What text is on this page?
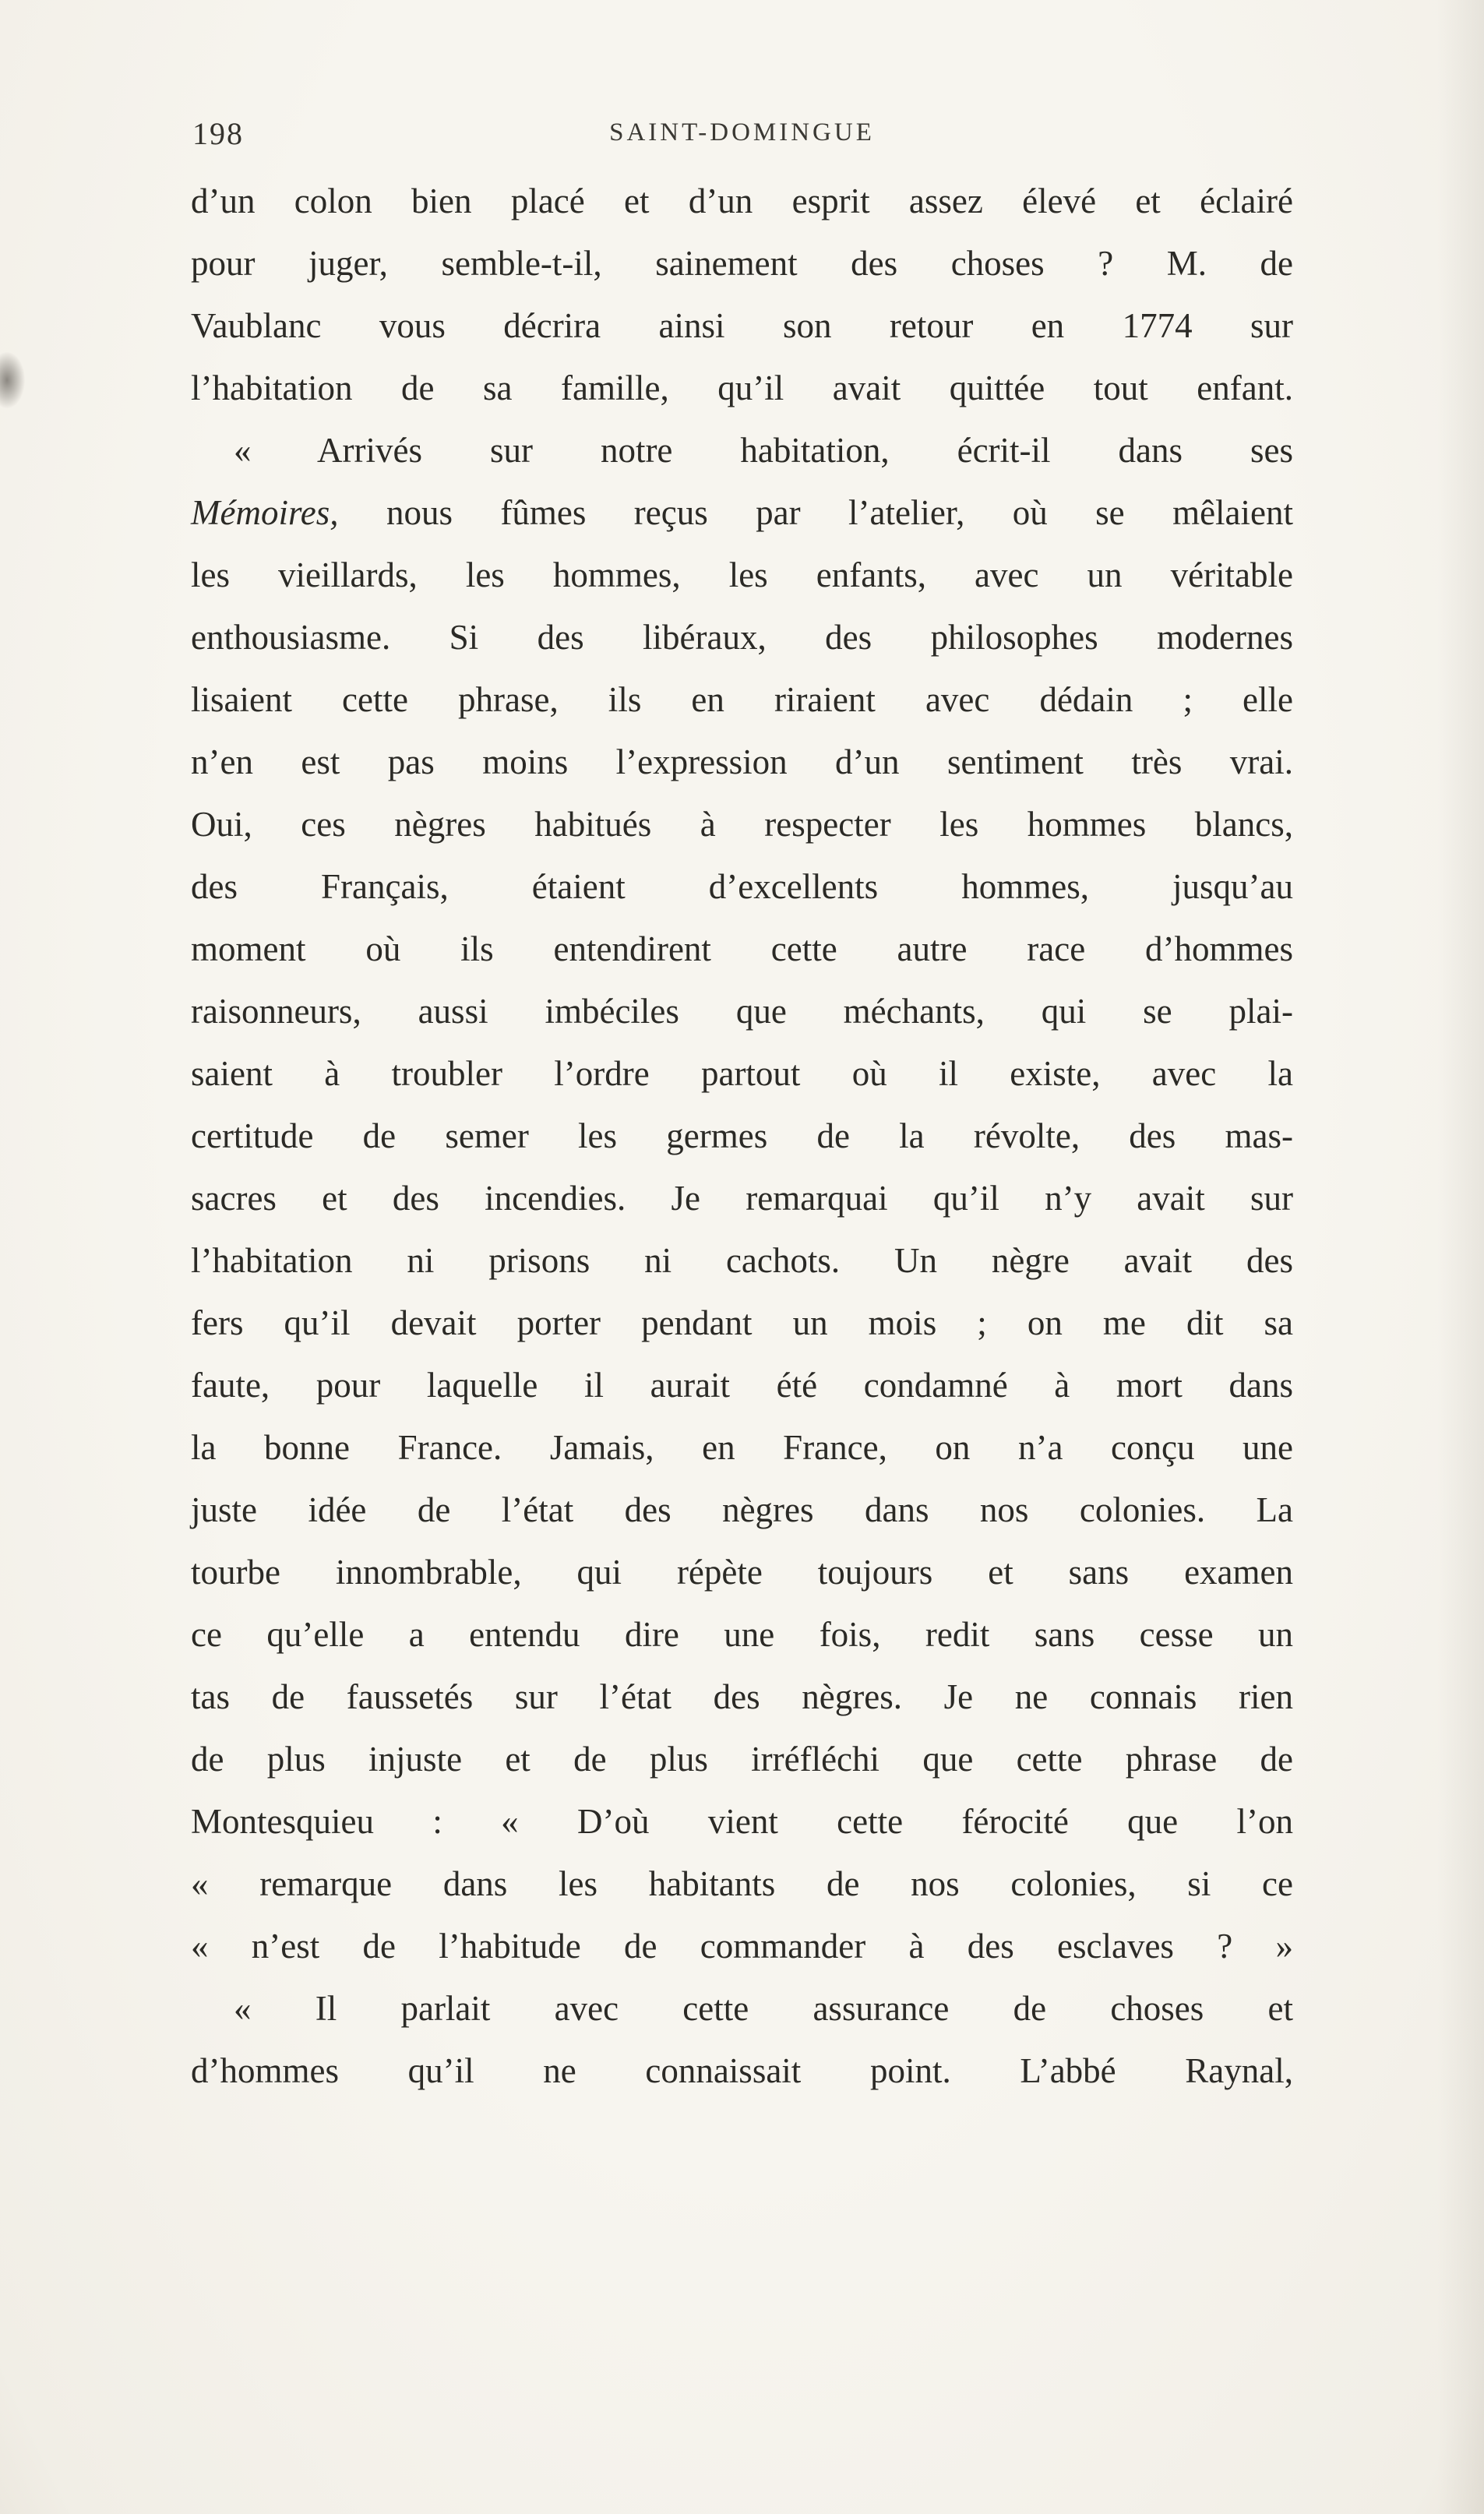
198	SAINT-DOMINGUE
d’un colon bien placé et d’un esprit assez élevé et éclairé
pour juger, semble-t-il, sainement des choses ? M. de
Vaublanc vous décrira ainsi son retour en 1774 sur
l’habitation de sa famille, qu’il avait quittée tout enfant.
« Arrivés sur notre habitation, écrit-il dans ses
Mémoires, nous fûmes reçus par l’atelier, où se mêlaient
les vieillards, les hommes, les enfants, avec un véritable
enthousiasme. Si des libéraux, des philosophes modernes
lisaient cette phrase, ils en riraient avec dédain ; elle
n’en est pas moins l’expression d’un sentiment très vrai.
Oui, ces nègres habitués à respecter les hommes blancs,
des Français, étaient d’excellents hommes, jusqu’au
moment où ils entendirent cette autre race d’hommes
raisonneurs, aussi imbéciles que méchants, qui se plai-
saient à troubler l’ordre partout où il existe, avec la
certitude de semer les germes de la révolte, des mas-
sacres et des incendies. Je remarquai qu’il n’y avait sur
l’habitation ni prisons ni cachots. Un nègre avait des
fers qu’il devait porter pendant un mois ; on me dit sa
faute, pour laquelle il aurait été condamné à mort dans
la bonne France. Jamais, en France, on n’a conçu une
juste idée de l’état des nègres dans nos colonies. La
tourbe innombrable, qui répète toujours et sans examen
ce qu’elle a entendu dire une fois, redit sans cesse un
tas de faussetés sur l’état des nègres. Je ne connais rien
de plus injuste et de plus irréfléchi que cette phrase de
Montesquieu : « D’où vient cette férocité que l’on
« remarque dans les habitants de nos colonies, si ce
« n’est de l’habitude de commander à des esclaves ? »
« Il parlait avec cette assurance de choses et
d’hommes qu’il ne connaissait point. L’abbé Raynal,
